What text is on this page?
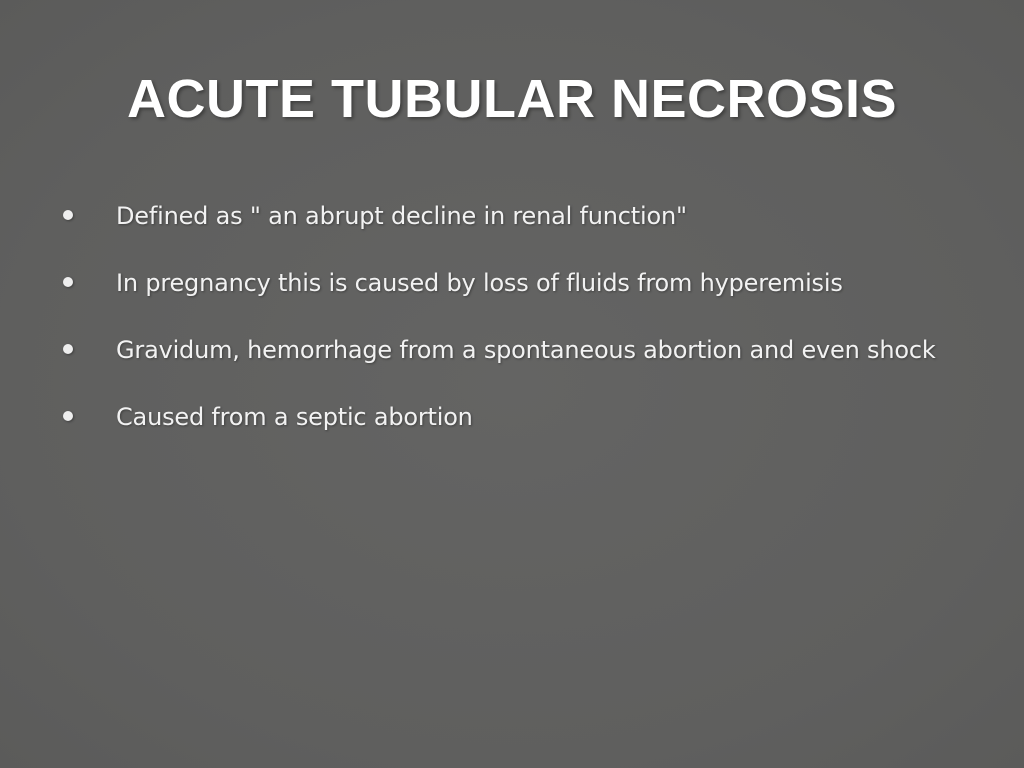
ACUTE TUBULAR NECROSIS
Defined as " an abrupt decline in renal function"
In pregnancy this is caused by loss of fluids from hyperemisis
Gravidum, hemorrhage from a spontaneous abortion and even shock
Caused from a septic abortion
